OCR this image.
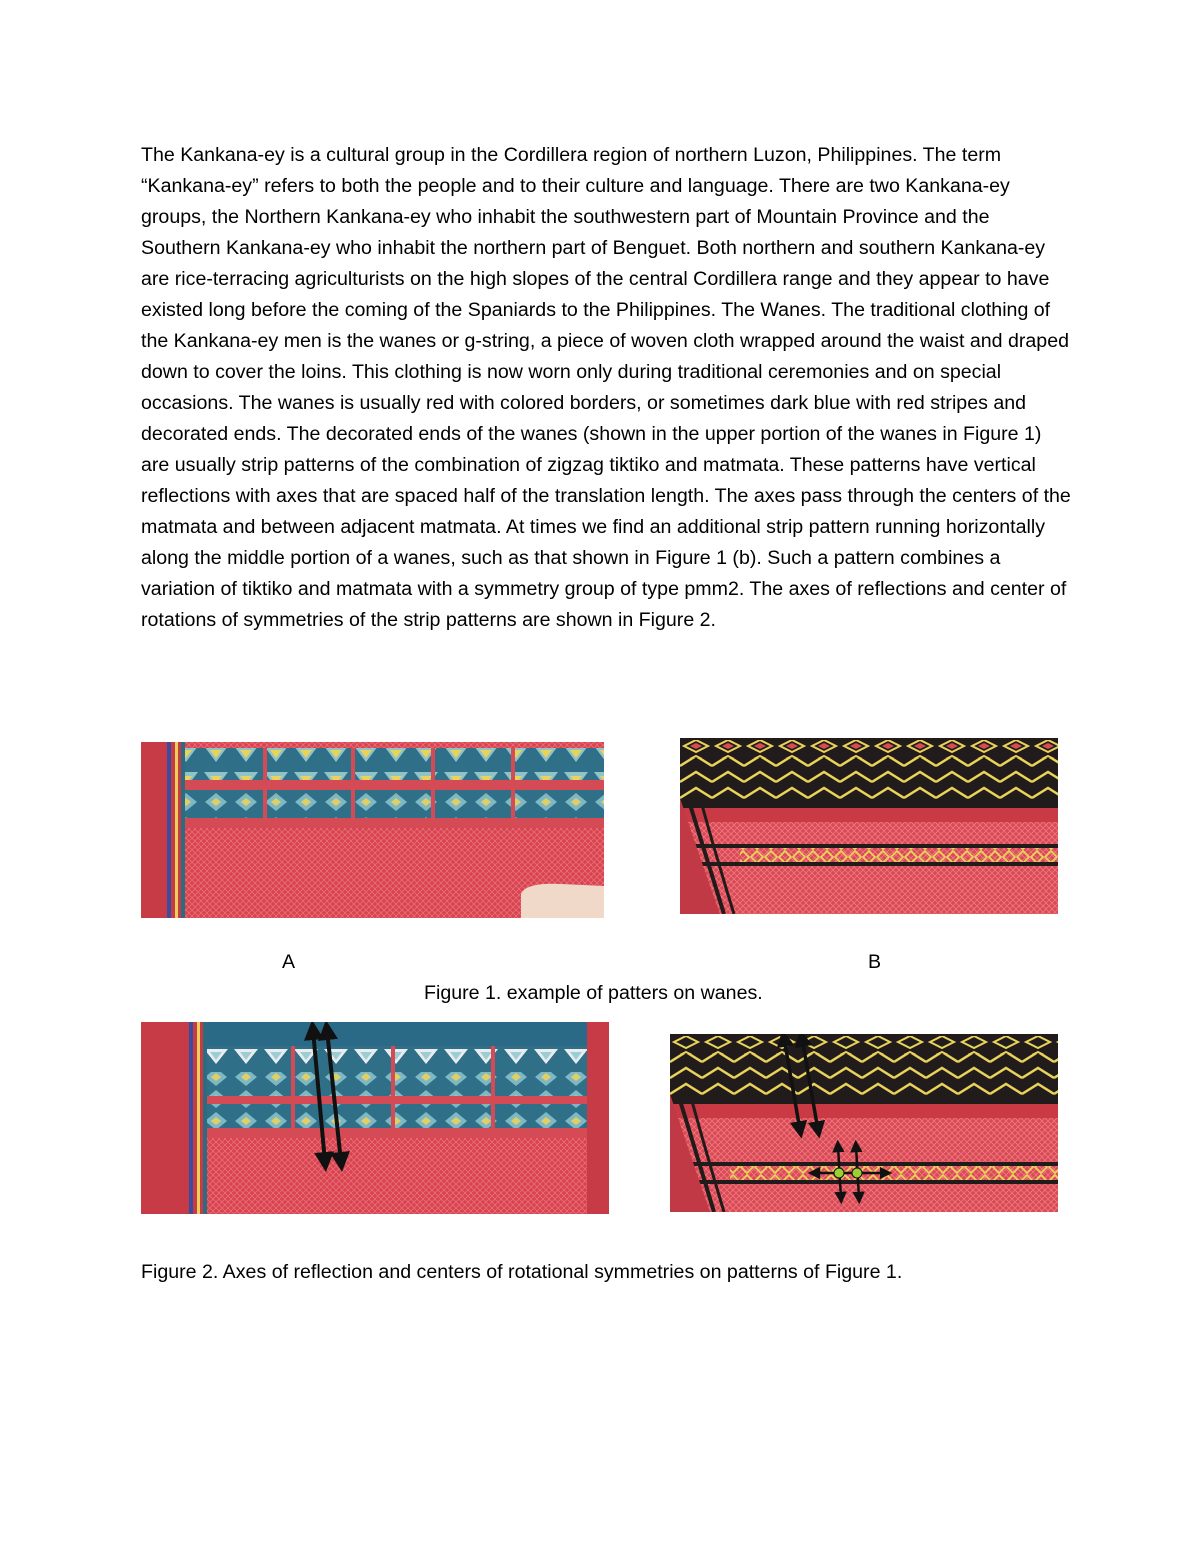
The Kankana-ey is a cultural group in the Cordillera region of northern Luzon, Philippines. The term “Kankana-ey” refers to both the people and to their culture and language. There are two Kankana-ey groups, the Northern Kankana-ey who inhabit the southwestern part of Mountain Province and the Southern Kankana-ey who inhabit the northern part of Benguet. Both northern and southern Kankana-ey are rice-terracing agriculturists on the high slopes of the central Cordillera range and they appear to have existed long before the coming of the Spaniards to the Philippines. The Wanes. The traditional clothing of the Kankana-ey men is the wanes or g-string, a piece of woven cloth wrapped around the waist and draped down to cover the loins. This clothing is now worn only during traditional ceremonies and on special occasions. The wanes is usually red with colored borders, or sometimes dark blue with red stripes and decorated ends. The decorated ends of the wanes (shown in the upper portion of the wanes in Figure 1) are usually strip patterns of the combination of zigzag tiktiko and matmata. These patterns have vertical reflections with axes that are spaced half of the translation length. The axes pass through the centers of the matmata and between adjacent matmata. At times we find an additional strip pattern running horizontally along the middle portion of a wanes, such as that shown in Figure 1 (b). Such a pattern combines a variation of tiktiko and matmata with a symmetry group of type pmm2. The axes of reflections and center of rotations of symmetries of the strip patterns are shown in Figure 2.

A	B

Figure 1. example of patters on wanes.

Figure 2. Axes of reflection and centers of rotational symmetries on patterns of Figure 1.
